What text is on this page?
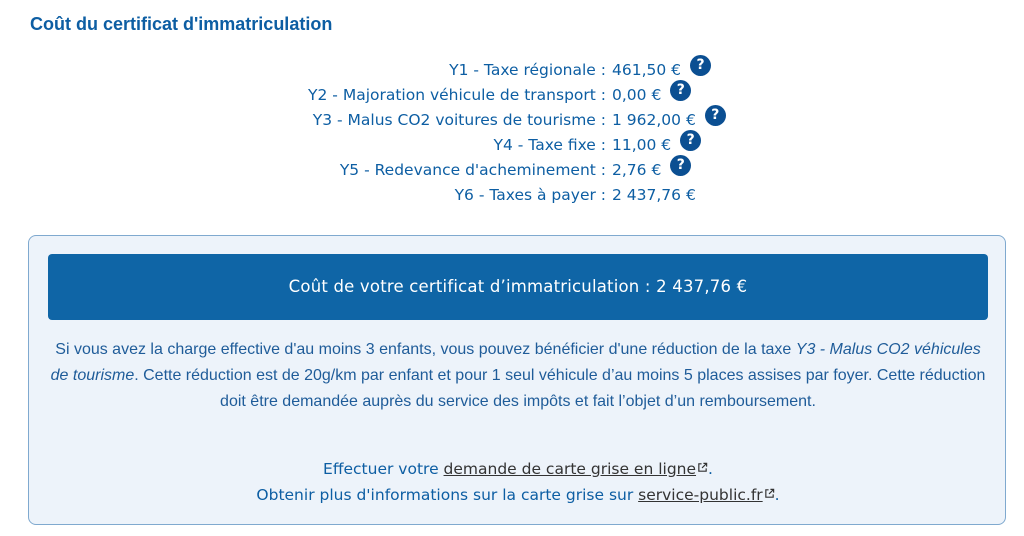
Coût du certificat d'immatriculation
Y1 - Taxe régionale : 461,50 € ?
Y2 - Majoration véhicule de transport : 0,00 € ?
Y3 - Malus CO2 voitures de tourisme : 1 962,00 € ?
Y4 - Taxe fixe : 11,00 € ?
Y5 - Redevance d'acheminement : 2,76 € ?
Y6 - Taxes à payer : 2 437,76 €
Coût de votre certificat d’immatriculation : 2 437,76 €

Si vous avez la charge effective d'au moins 3 enfants, vous pouvez bénéficier d'une réduction de la taxe Y3 - Malus CO2 véhicules de tourisme. Cette réduction est de 20g/km par enfant et pour 1 seul véhicule d’au moins 5 places assises par foyer. Cette réduction doit être demandée auprès du service des impôts et fait l’objet d’un remboursement.

Effectuer votre demande de carte grise en ligne .
Obtenir plus d'informations sur la carte grise sur service-public.fr .
